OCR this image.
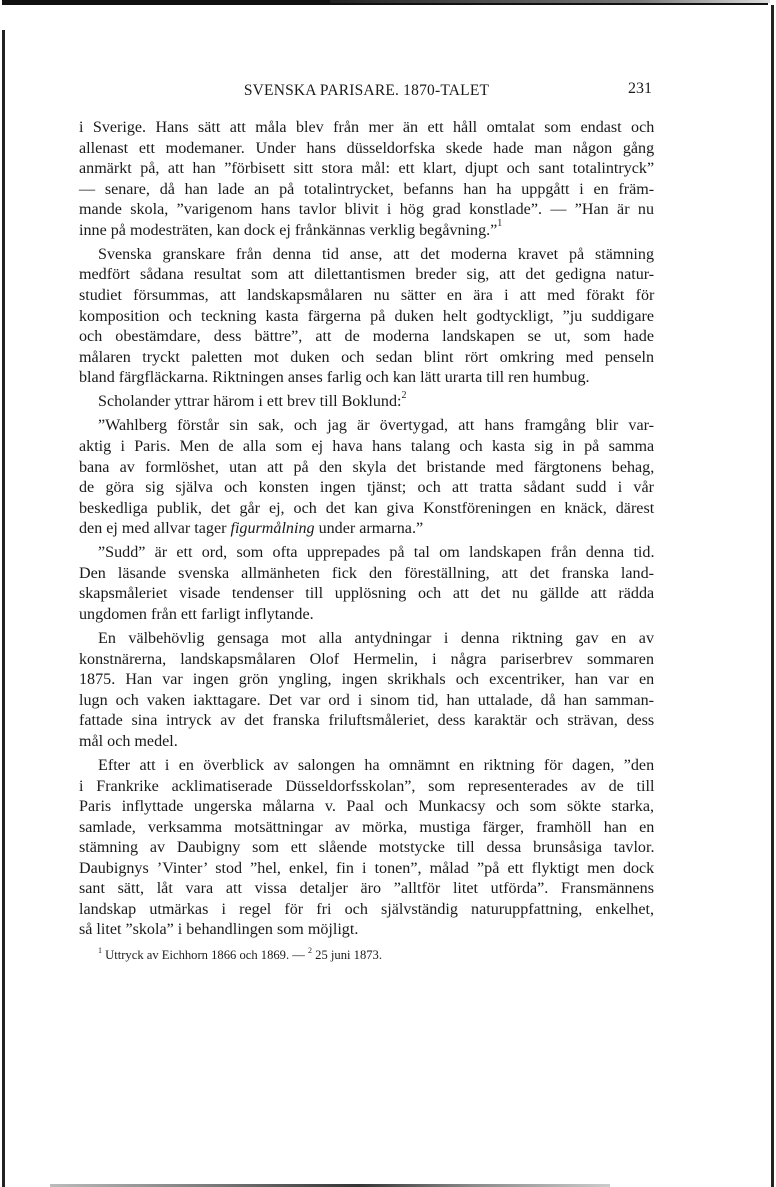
SVENSKA PARISARE. 1870-TALET	231
i Sverige. Hans sätt att måla blev från mer än ett håll omtalat som endast och
allenast ett modemaner. Under hans düsseldorfska skede hade man någon gång
anmärkt på, att han ”förbisett sitt stora mål: ett klart, djupt och sant totalintryck”
— senare, då han lade an på totalintrycket, befanns han ha uppgått i en främ-
mande skola, ”varigenom hans tavlor blivit i hög grad konstlade”. — ”Han är nu
inne på modesträten, kan dock ej frånkännas verklig begåvning.”$^1$
Svenska granskare från denna tid anse, att det moderna kravet på stämning
medfört sådana resultat som att dilettantismen breder sig, att det gedigna natur-
studiet försummas, att landskapsmålaren nu sätter en ära i att med förakt för
komposition och teckning kasta färgerna på duken helt godtyckligt, ”ju suddigare
och obestämdare, dess bättre”, att de moderna landskapen se ut, som hade
målaren tryckt paletten mot duken och sedan blint rört omkring med penseln
bland färgfläckarna. Riktningen anses farlig och kan lätt urarta till ren humbug.
Scholander yttrar härom i ett brev till Boklund:$^2$
”Wahlberg förstår sin sak, och jag är övertygad, att hans framgång blir var-
aktig i Paris. Men de alla som ej hava hans talang och kasta sig in på samma
bana av formlöshet, utan att på den skyla det bristande med färgtonens behag,
de göra sig själva och konsten ingen tjänst; och att tratta sådant sudd i vår
beskedliga publik, det går ej, och det kan giva Konstföreningen en knäck, därest
den ej med allvar tager figurmålning under armarna.”
”Sudd” är ett ord, som ofta upprepades på tal om landskapen från denna tid.
Den läsande svenska allmänheten fick den föreställning, att det franska land-
skapsmåleriet visade tendenser till upplösning och att det nu gällde att rädda
ungdomen från ett farligt inflytande.
En välbehövlig gensaga mot alla antydningar i denna riktning gav en av
konstnärerna, landskapsmålaren Olof Hermelin, i några pariserbrev sommaren
1875. Han var ingen grön yngling, ingen skrikhals och excentriker, han var en
lugn och vaken iakttagare. Det var ord i sinom tid, han uttalade, då han samman-
fattade sina intryck av det franska friluftsmåleriet, dess karaktär och strävan, dess
mål och medel.
Efter att i en överblick av salongen ha omnämnt en riktning för dagen, ”den
i Frankrike acklimatiserade Düsseldorfsskolan”, som representerades av de till
Paris inflyttade ungerska målarna v. Paal och Munkacsy och som sökte starka,
samlade, verksamma motsättningar av mörka, mustiga färger, framhöll han en
stämning av Daubigny som ett slående motstycke till dessa brunsåsiga tavlor.
Daubignys ’Vinter’ stod ”hel, enkel, fin i tonen”, målad ”på ett flyktigt men dock
sant sätt, låt vara att vissa detaljer äro ”alltför litet utförda”. Fransmännens
landskap utmärkas i regel för fri och självständig naturuppfattning, enkelhet,
så litet ”skola” i behandlingen som möjligt.
$^1$ Uttryck av Eichhorn 1866 och 1869. — $^2$ 25 juni 1873.
